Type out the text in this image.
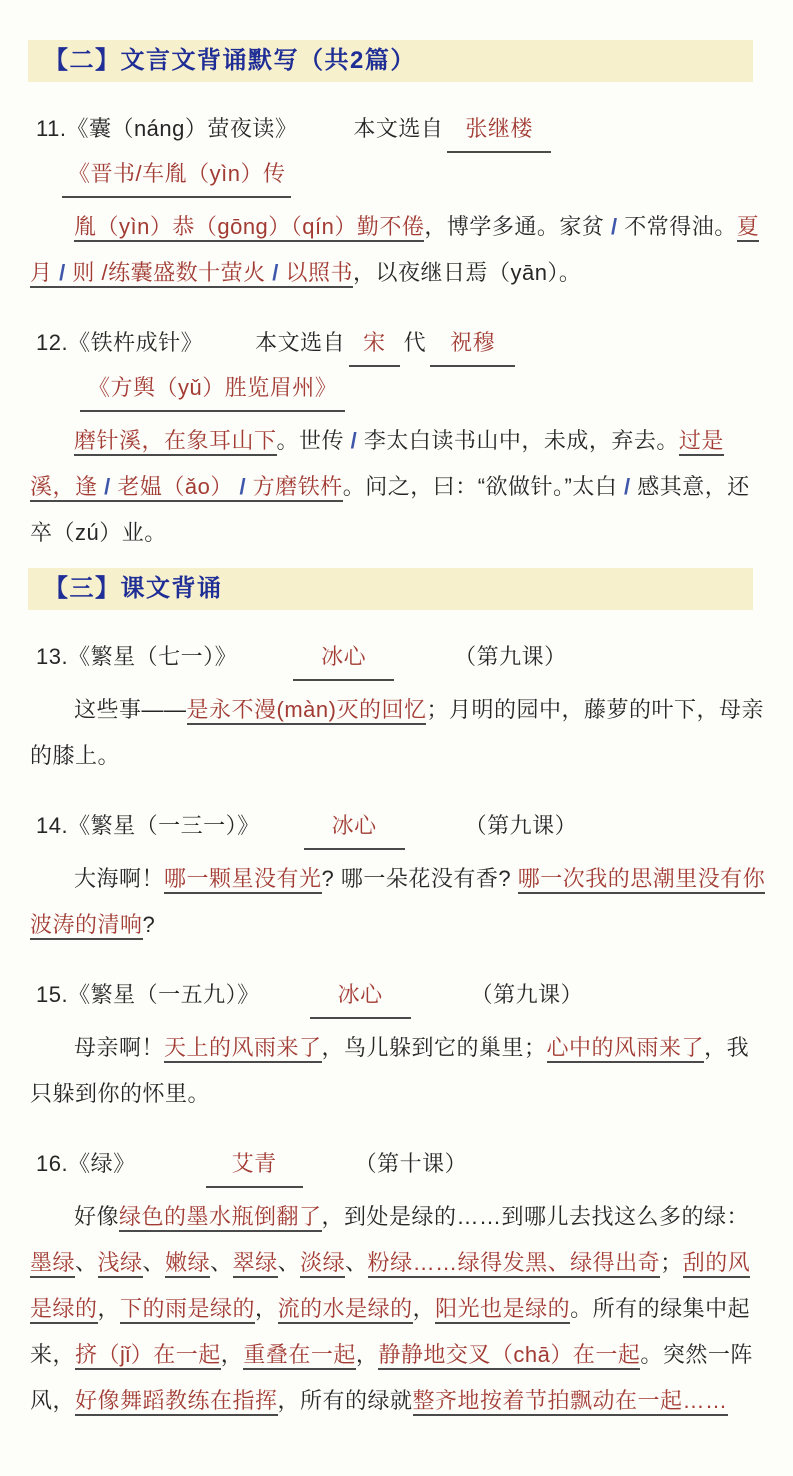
【二】文言文背诵默写（共2篇）
11.《囊（náng）萤夜读》	本文选自 张继楼《晋书/车胤（yìn）传
胤（yìn）恭（gōng）（qín）勤不倦，博学多通。家贫 / 不常得油。夏月 / 则 /练囊盛数十萤火 / 以照书，以夜继日焉（yān）。
12.《铁杵成针》 本文选自 宋 代 祝穆《方舆（yǔ）胜览眉州》
磨针溪，在象耳山下。世传 / 李太白读书山中，未成，弃去。过是溪，逢 / 老媪（ǎo） / 方磨铁杵。问之，曰：“欲做针。”太白 / 感其意，还卒（zú）业。
【三】课文背诵
13.《繁星（七一）》	冰心	（第九课）
这些事——是永不漫(màn)灭的回忆；月明的园中，藤萝的叶下，母亲的膝上。
14.《繁星（一三一）》	冰心	（第九课）
大海啊！哪一颗星没有光? 哪一朵花没有香? 哪一次我的思潮里没有你波涛的清响?
15.《繁星（一五九）》	冰心	（第九课）
母亲啊！天上的风雨来了，鸟儿躲到它的巢里；心中的风雨来了，我只躲到你的怀里。
16.《绿》	艾青	（第十课）
好像绿色的墨水瓶倒翻了，到处是绿的……到哪儿去找这么多的绿：墨绿、浅绿、嫩绿、翠绿、淡绿、粉绿……绿得发黑、绿得出奇；刮的风是绿的，下的雨是绿的，流的水是绿的，阳光也是绿的。所有的绿集中起来，挤（jǐ）在一起，重叠在一起，静静地交叉（chā）在一起。突然一阵风，好像舞蹈教练在指挥，所有的绿就整齐地按着节拍飘动在一起……
